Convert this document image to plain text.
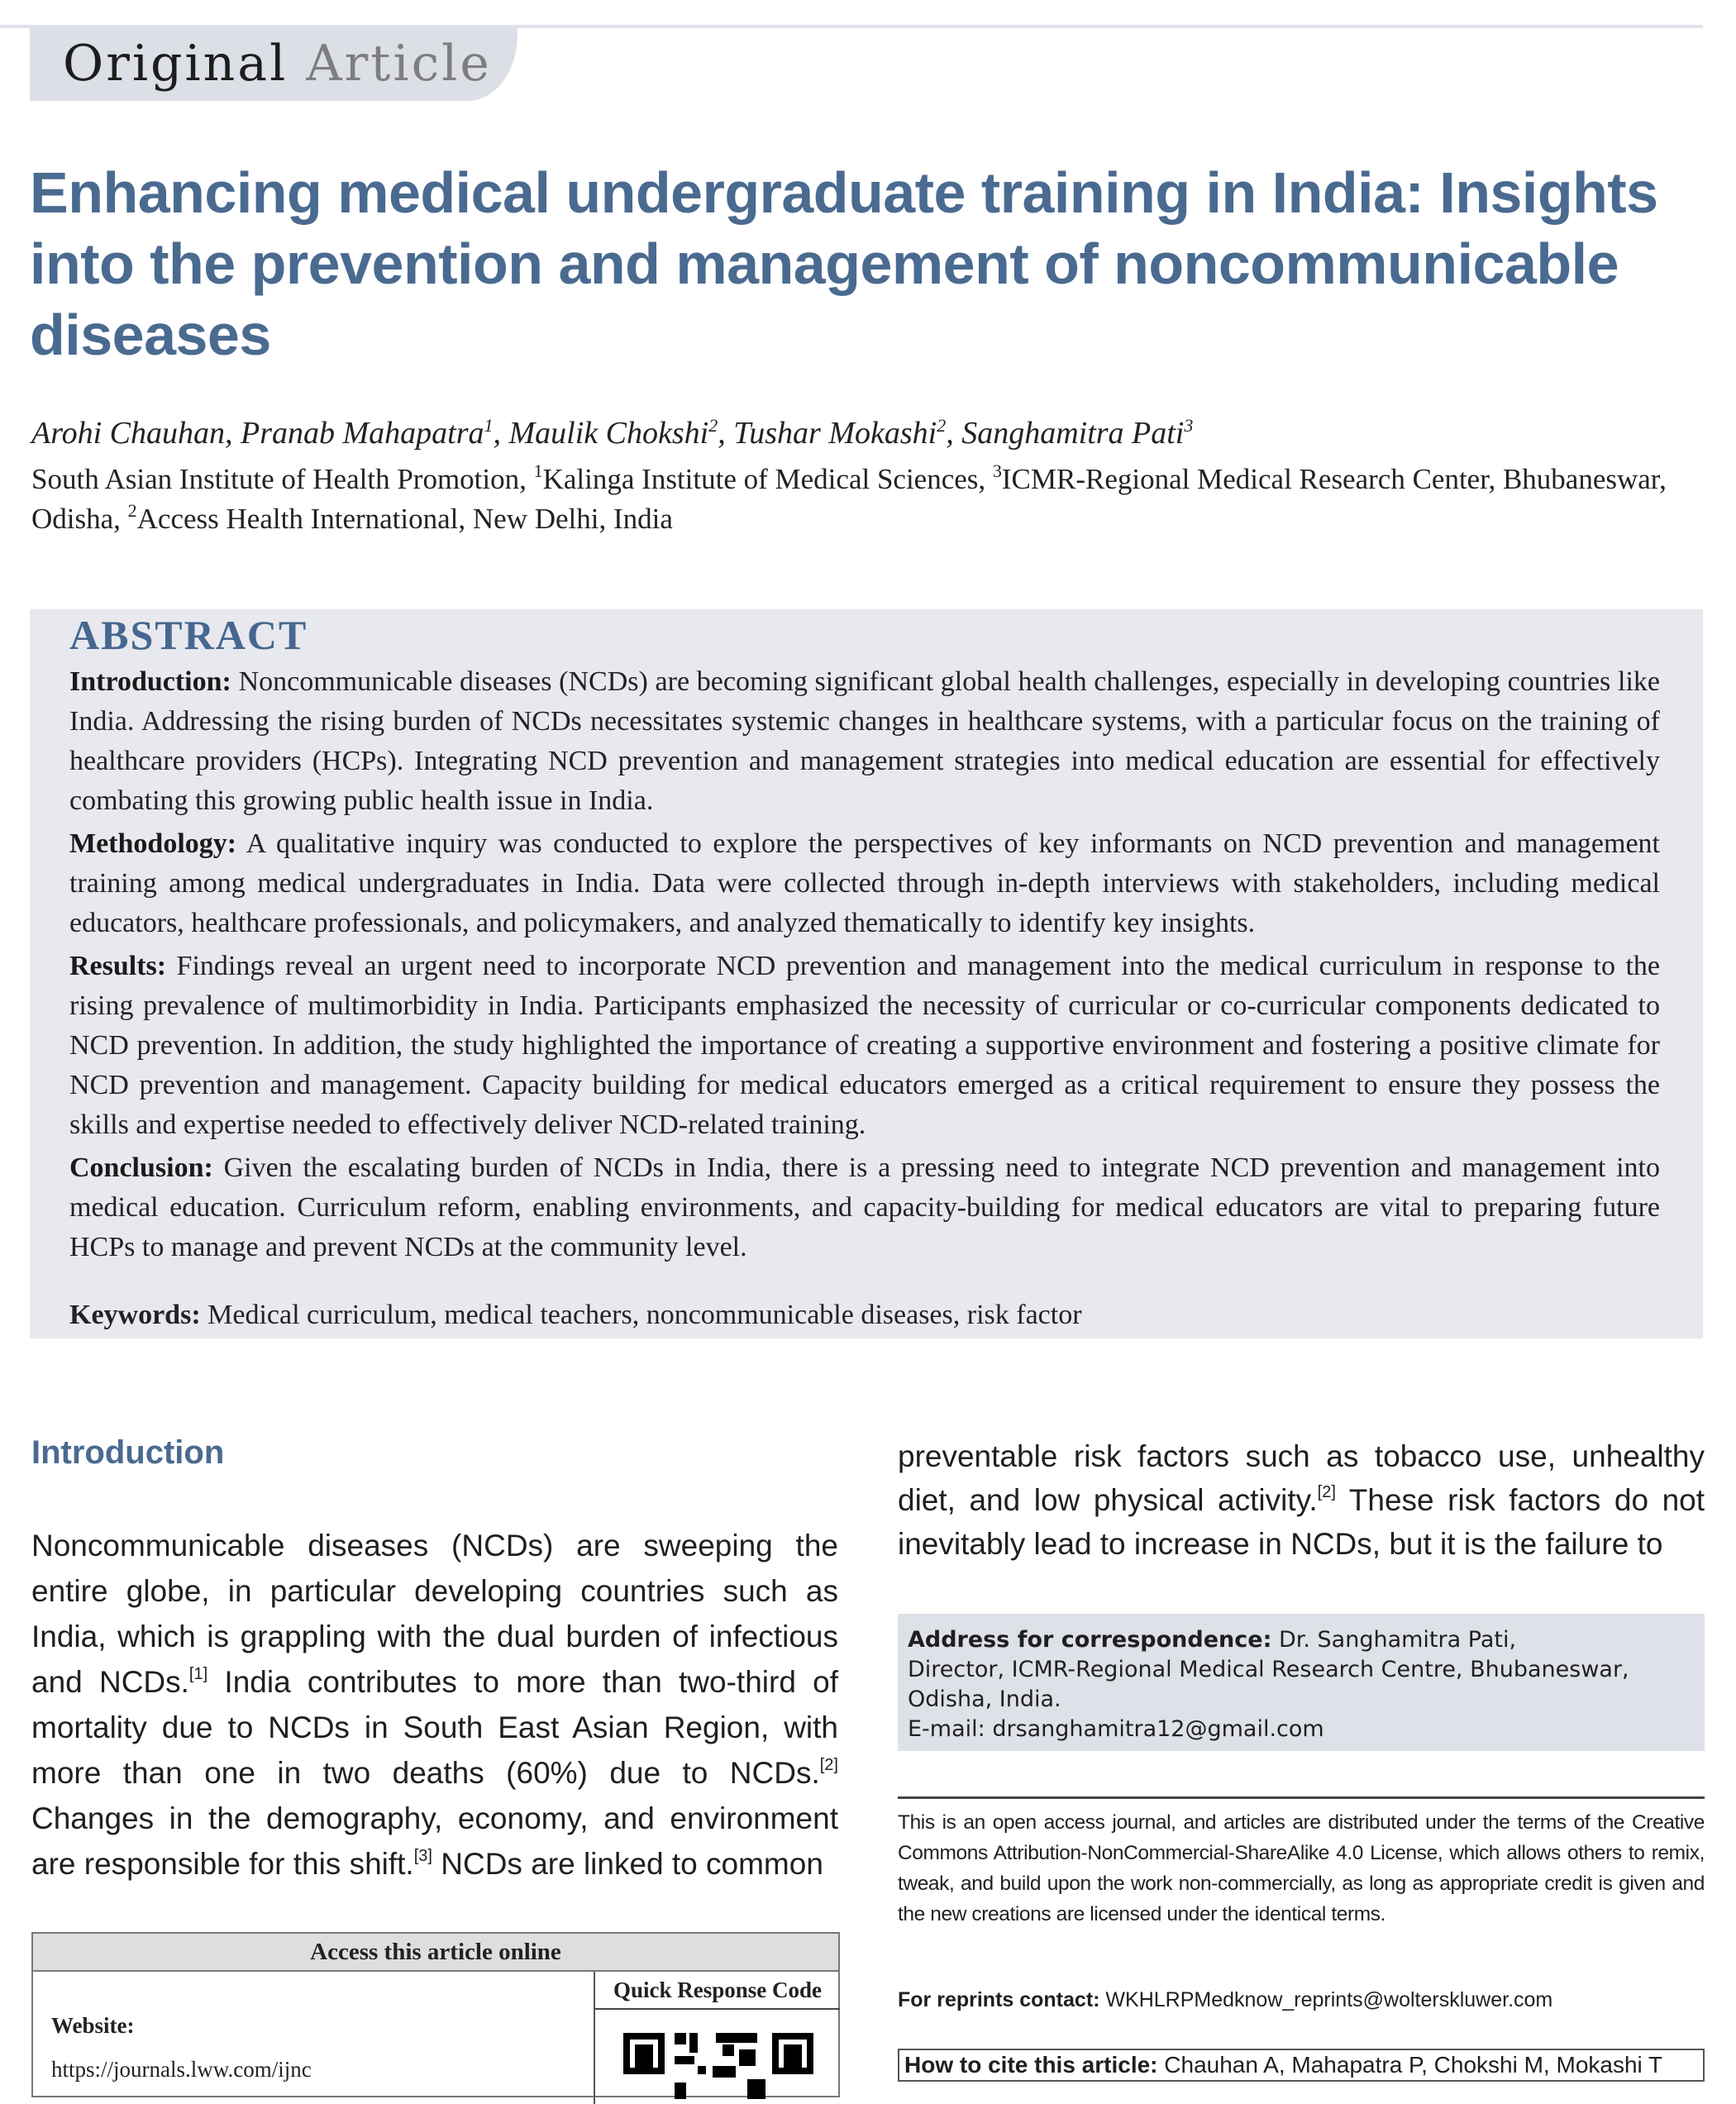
Original Article
Enhancing medical undergraduate training in India: Insights into the prevention and management of noncommunicable diseases
Arohi Chauhan, Pranab Mahapatra$^1$, Maulik Chokshi$^2$, Tushar Mokashi$^2$, Sanghamitra Pati$^3$
South Asian Institute of Health Promotion, $^1$Kalinga Institute of Medical Sciences, $^3$ICMR-Regional Medical Research Center, Bhubaneswar, Odisha, $^2$Access Health International, New Delhi, India
ABSTRACT

Introduction: Noncommunicable diseases (NCDs) are becoming significant global health challenges, especially in developing countries like India. Addressing the rising burden of NCDs necessitates systemic changes in healthcare systems, with a particular focus on the training of healthcare providers (HCPs). Integrating NCD prevention and management strategies into medical education are essential for effectively combating this growing public health issue in India.

Methodology: A qualitative inquiry was conducted to explore the perspectives of key informants on NCD prevention and management training among medical undergraduates in India. Data were collected through in-depth interviews with stakeholders, including medical educators, healthcare professionals, and policymakers, and analyzed thematically to identify key insights.

Results: Findings reveal an urgent need to incorporate NCD prevention and management into the medical curriculum in response to the rising prevalence of multimorbidity in India. Participants emphasized the necessity of curricular or co-curricular components dedicated to NCD prevention. In addition, the study highlighted the importance of creating a supportive environment and fostering a positive climate for NCD prevention and management. Capacity building for medical educators emerged as a critical requirement to ensure they possess the skills and expertise needed to effectively deliver NCD-related training.

Conclusion: Given the escalating burden of NCDs in India, there is a pressing need to integrate NCD prevention and management into medical education. Curriculum reform, enabling environments, and capacity-building for medical educators are vital to preparing future HCPs to manage and prevent NCDs at the community level.

Keywords: Medical curriculum, medical teachers, noncommunicable diseases, risk factor

Introduction

Noncommunicable diseases (NCDs) are sweeping the entire globe, in particular developing countries such as India, which is grappling with the dual burden of infectious and NCDs.[1] India contributes to more than two-third of mortality due to NCDs in South East Asian Region, with more than one in two deaths (60%) due to NCDs.[2] Changes in the demography, economy, and environment are responsible for this shift.[3] NCDs are linked to common

preventable risk factors such as tobacco use, unhealthy diet, and low physical activity.[2] These risk factors do not inevitably lead to increase in NCDs, but it is the failure to

Address for correspondence: Dr. Sanghamitra Pati,
Director, ICMR-Regional Medical Research Centre, Bhubaneswar,
Odisha, India.
E-mail: drsanghamitra12@gmail.com

This is an open access journal, and articles are distributed under the terms of the Creative Commons Attribution-NonCommercial-ShareAlike 4.0 License, which allows others to remix, tweak, and build upon the work non-commercially, as long as appropriate credit is given and the new creations are licensed under the identical terms.

For reprints contact: WKHLRPMedknow_reprints@wolterskluwer.com

How to cite this article: Chauhan A, Mahapatra P, Chokshi M, Mokashi T
Access this article online
Website:
https://journals.lww.com/ijnc
Quick Response Code
